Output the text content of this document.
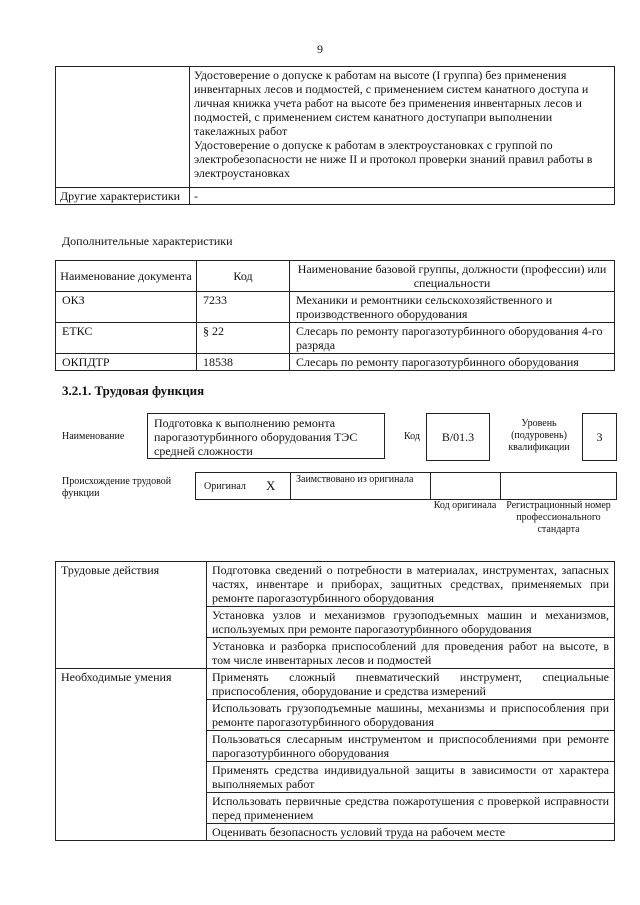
9

	Удостоверение о допуске к работам на высоте (I группа) без применения инвентарных лесов и подмостей, с применением систем канатного доступа и личная книжка учета работ на высоте без применения инвентарных лесов и подмостей, с применением систем канатного доступапри выполнении такелажных работ
Удостоверение о допуске к работам в электроустановках с группой по электробезопасности не ниже II и протокол проверки знаний правил работы в электроустановках

Другие характеристики	-
Дополнительные характеристики
Наименование документа	Код	Наименование базовой группы, должности (профессии) или специальности
ОКЗ	7233	Механики и ремонтники сельскохозяйственного и производственного оборудования
ЕТКС	§ 22	Слесарь по ремонту парогазотурбинного оборудования 4-го разряда
ОКПДТР	18538	Слесарь по ремонту парогазотурбинного оборудования
3.2.1. Трудовая функция
Наименование
Подготовка к выполнению ремонта парогазотурбинного оборудования ТЭС средней сложности
Код	B/01.3
Уровень (подуровень) квалификации
3
Происхождение трудовой функции
Оригинал X Заимствовано из оригинала
Код оригинала Регистрационный номер профессионального стандарта
Трудовые действия	Подготовка сведений о потребности в материалах, инструментах, запасных частях, инвентаре и приборах, защитных средствах, применяемых при ремонте парогазотурбинного оборудования
	Установка узлов и механизмов грузоподъемных машин и механизмов, используемых при ремонте парогазотурбинного оборудования
	Установка и разборка приспособлений для проведения работ на высоте, в том числе инвентарных лесов и подмостей
Необходимые умения	Применять сложный пневматический инструмент, специальные приспособления, оборудование и средства измерений
	Использовать грузоподъемные машины, механизмы и приспособления при ремонте парогазотурбинного оборудования
	Пользоваться слесарным инструментом и приспособлениями при ремонте парогазотурбинного оборудования
	Применять средства индивидуальной защиты в зависимости от характера выполняемых работ
	Использовать первичные средства пожаротушения с проверкой исправности перед применением
	Оценивать безопасность условий труда на рабочем месте
